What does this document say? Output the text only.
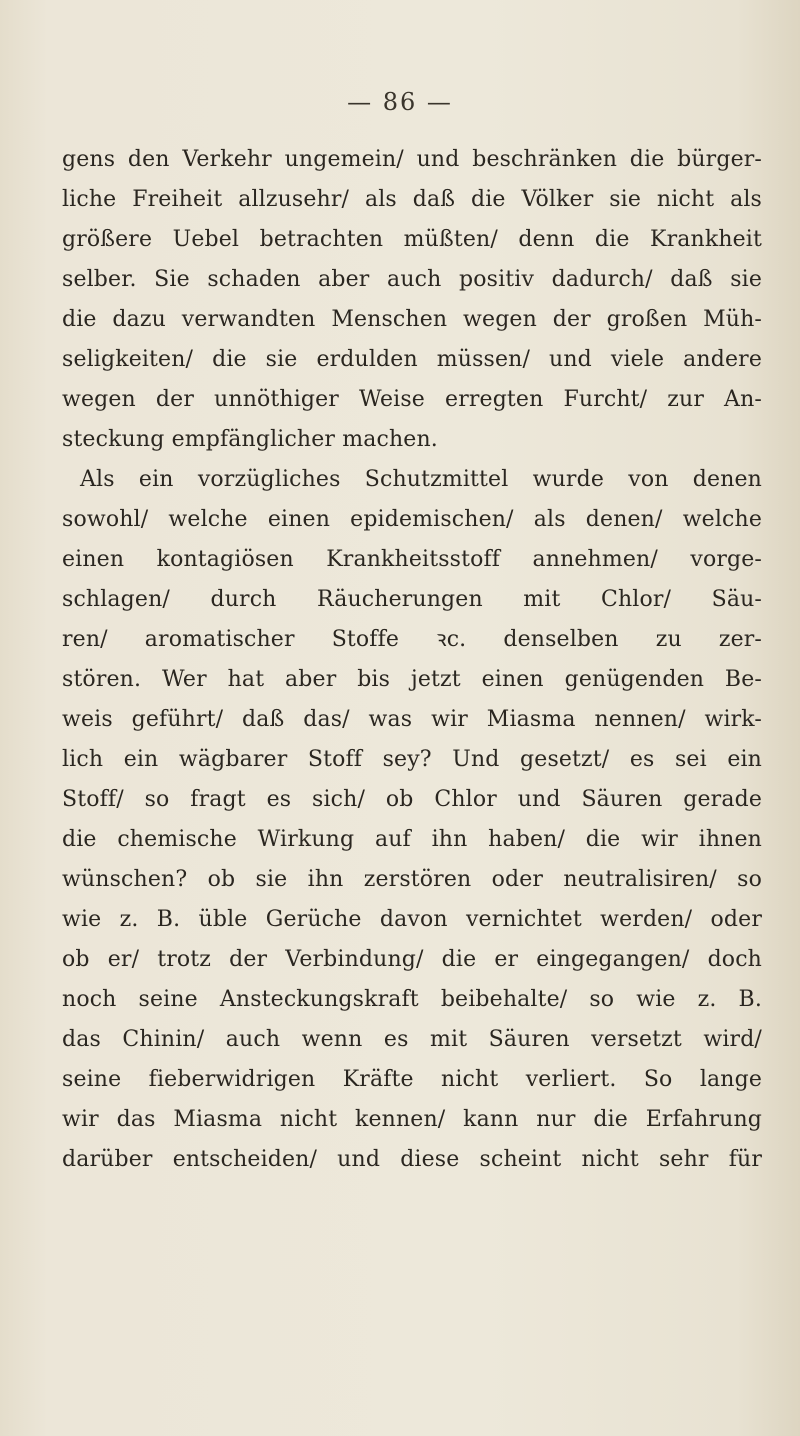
— 86 —
gens den Verkehr ungemein/ und beschränken die bürger-
liche Freiheit allzusehr/ als daß die Völker sie nicht als
größere Uebel betrachten müßten/ denn die Krankheit
selber. Sie schaden aber auch positiv dadurch/ daß sie
die dazu verwandten Menschen wegen der großen Müh-
seligkeiten/ die sie erdulden müssen/ und viele andere
wegen der unnöthiger Weise erregten Furcht/ zur An-
steckung empfänglicher machen.
Als ein vorzügliches Schutzmittel wurde von denen
sowohl/ welche einen epidemischen/ als denen/ welche
einen kontagiösen Krankheitsstoff annehmen/ vorge-
schlagen/ durch Räucherungen mit Chlor/ Säu-
ren/ aromatischer Stoffe ꝛc. denselben zu zer-
stören. Wer hat aber bis jetzt einen genügenden Be-
weis geführt/ daß das/ was wir Miasma nennen/ wirk-
lich ein wägbarer Stoff sey? Und gesetzt/ es sei ein
Stoff/ so fragt es sich/ ob Chlor und Säuren gerade
die chemische Wirkung auf ihn haben/ die wir ihnen
wünschen? ob sie ihn zerstören oder neutralisiren/ so
wie z. B. üble Gerüche davon vernichtet werden/ oder
ob er/ trotz der Verbindung/ die er eingegangen/ doch
noch seine Ansteckungskraft beibehalte/ so wie z. B.
das Chinin/ auch wenn es mit Säuren versetzt wird/
seine fieberwidrigen Kräfte nicht verliert. So lange
wir das Miasma nicht kennen/ kann nur die Erfahrung
darüber entscheiden/ und diese scheint nicht sehr für
